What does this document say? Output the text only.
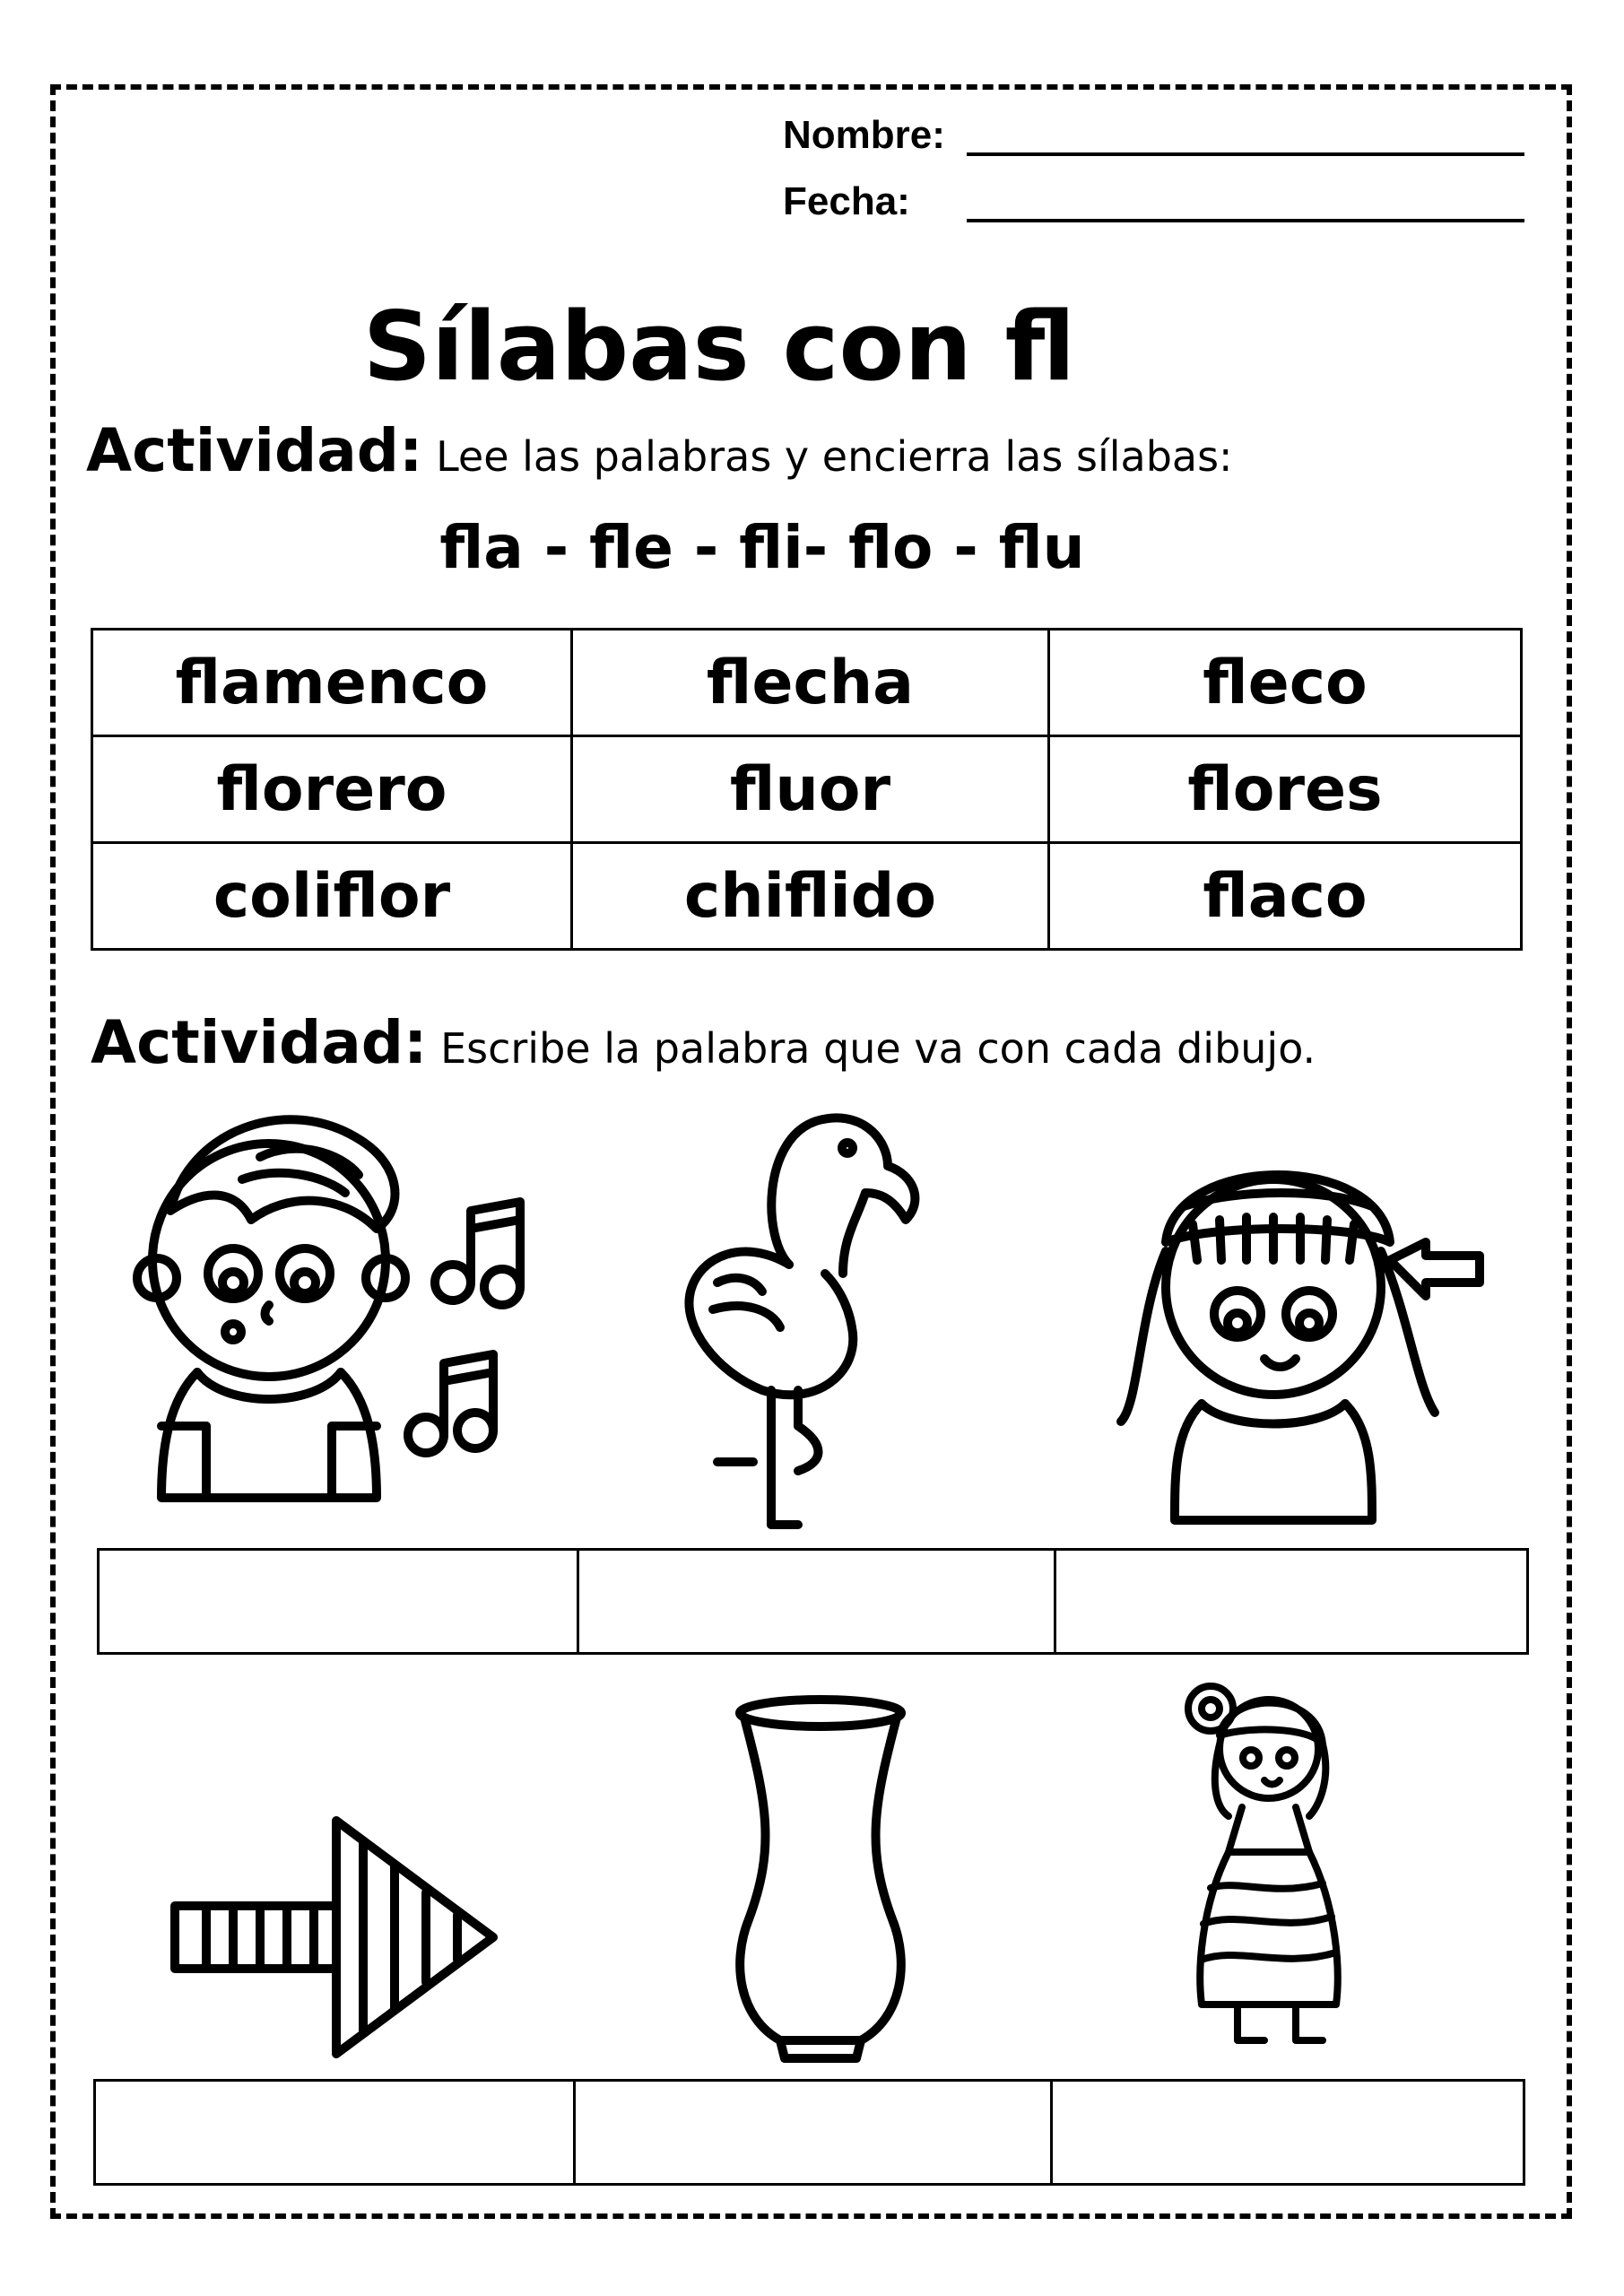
Nombre:
Fecha:
Sílabas con fl
Actividad: Lee las palabras y encierra las sílabas:
fla - fle - fli- flo - flu
flamenco	flecha	fleco
florero	fluor	flores
coliflor	chiflido	flaco
Actividad: Escribe la palabra que va con cada dibujo.
